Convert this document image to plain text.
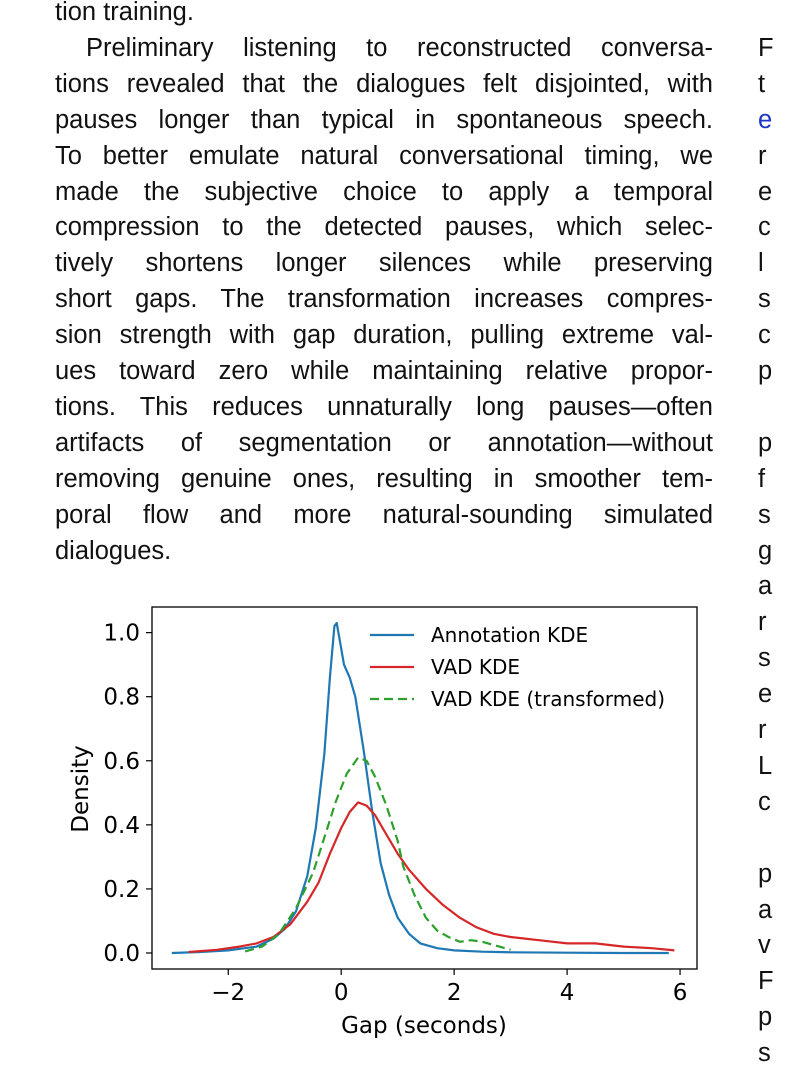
tion training.
Preliminary listening to reconstructed conversa-
tions revealed that the dialogues felt disjointed, with
pauses longer than typical in spontaneous speech.
To better emulate natural conversational timing, we
made the subjective choice to apply a temporal
compression to the detected pauses, which selec-
tively shortens longer silences while preserving
short gaps. The transformation increases compres-
sion strength with gap duration, pulling extreme val-
ues toward zero while maintaining relative propor-
tions. This reduces unnaturally long pauses—often
artifacts of segmentation or annotation—without
removing genuine ones, resulting in smoother tem-
poral flow and more natural-sounding simulated
dialogues.
F
t
e
r
e
c
l
s
c
p
p
f
s
g
a
r
s
e
r
L
c
p
a
v
F
p
s
−2	0	2	4	6
0.0
0.2
0.4
0.6
0.8
1.0
Gap (seconds)
Density
Annotation KDE
VAD KDE
VAD KDE (transformed)
